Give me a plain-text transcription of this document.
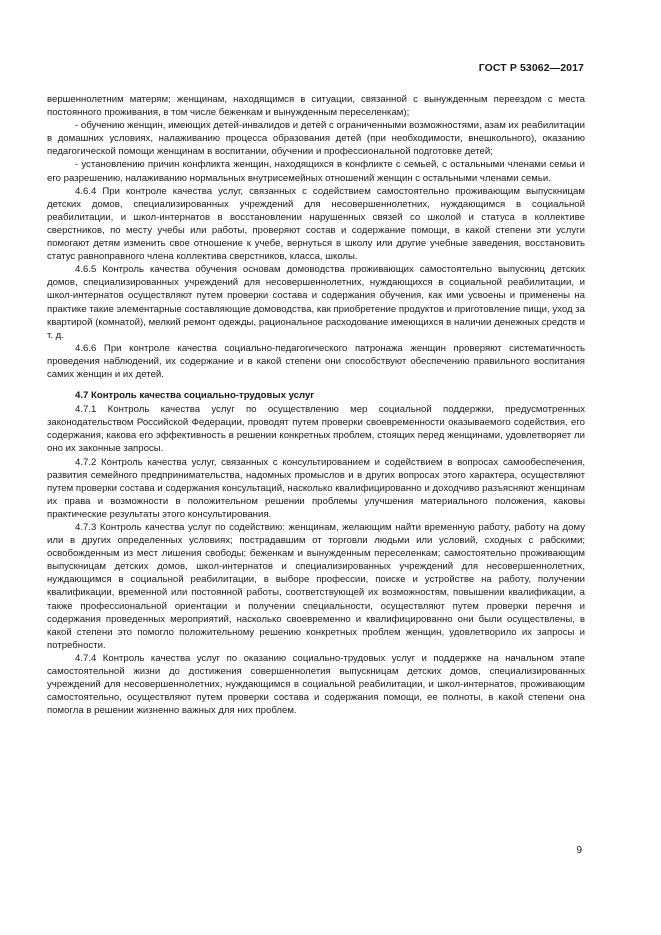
ГОСТ Р 53062—2017

вершеннолетним матерям; женщинам, находящимся в ситуации, связанной с вынужденным переездом с места постоянного проживания, в том числе беженкам и вынужденным переселенкам);

- обучению женщин, имеющих детей-инвалидов и детей с ограниченными возможностями, азам их реабилитации в домашних условиях, налаживанию процесса образования детей (при необходимости, внешкольного), оказанию педагогической помощи женщинам в воспитании, обучении и профессиональной подготовке детей;

- установлению причин конфликта женщин, находящихся в конфликте с семьей, с остальными членами семьи и его разрешению, налаживанию нормальных внутрисемейных отношений женщин с остальными членами семьи.

4.6.4 При контроле качества услуг, связанных с содействием самостоятельно проживающим выпускницам детских домов, специализированных учреждений для несовершеннолетних, нуждающимся в социальной реабилитации, и школ-интернатов в восстановлении нарушенных связей со школой и статуса в коллективе сверстников, по месту учебы или работы, проверяют состав и содержание помощи, в какой степени эти услуги помогают детям изменить свое отношение к учебе, вернуться в школу или другие учебные заведения, восстановить статус равноправного члена коллектива сверстников, класса, школы.

4.6.5 Контроль качества обучения основам домоводства проживающих самостоятельно выпускниц детских домов, специализированных учреждений для несовершеннолетних, нуждающихся в социальной реабилитации, и школ-интернатов осуществляют путем проверки состава и содержания обучения, как ими усвоены и применены на практике такие элементарные составляющие домоводства, как приобретение продуктов и приготовление пищи, уход за квартирой (комнатой), мелкий ремонт одежды, рациональное расходование имеющихся в наличии денежных средств и т. д.

4.6.6 При контроле качества социально-педагогического патронажа женщин проверяют систематичность проведения наблюдений, их содержание и в какой степени они способствуют обеспечению правильного воспитания самих женщин и их детей.

4.7 Контроль качества социально-трудовых услуг

4.7.1 Контроль качества услуг по осуществлению мер социальной поддержки, предусмотренных законодательством Российской Федерации, проводят путем проверки своевременности оказываемого содействия, его содержания, какова его эффективность в решении конкретных проблем, стоящих перед женщинами, удовлетворяет ли оно их законные запросы.

4.7.2 Контроль качества услуг, связанных с консультированием и содействием в вопросах самообеспечения, развития семейного предпринимательства, надомных промыслов и в других вопросах этого характера, осуществляют путем проверки состава и содержания консультаций, насколько квалифицированно и доходчиво разъясняют женщинам их права и возможности в положительном решении проблемы улучшения материального положения, каковы практические результаты этого консультирования.

4.7.3 Контроль качества услуг по содействию: женщинам, желающим найти временную работу, работу на дому или в других определенных условиях; пострадавшим от торговли людьми или условий, сходных с рабскими; освобожденным из мест лишения свободы; беженкам и вынужденным переселенкам; самостоятельно проживающим выпускницам детских домов, школ-интернатов и специализированных учреждений для несовершеннолетних, нуждающимся в социальной реабилитации, в выборе профессии, поиске и устройстве на работу, получении квалификации, временной или постоянной работы, соответствующей их возможностям, повышении квалификации, а также профессиональной ориентации и получении специальности, осуществляют путем проверки перечня и содержания проведенных мероприятий, насколько своевременно и квалифицированно они были осуществлены, в какой степени это помогло положительному решению конкретных проблем женщин, удовлетворило их запросы и потребности.

4.7.4 Контроль качества услуг по оказанию социально-трудовых услуг и поддержке на начальном этапе самостоятельной жизни до достижения совершеннолетия выпускницам детских домов, специализированных учреждений для несовершеннолетних, нуждающимся в социальной реабилитации, и школ-интернатов, проживающим самостоятельно, осуществляют путем проверки состава и содержания помощи, ее полноты, в какой степени она помогла в решении жизненно важных для них проблем.

9
